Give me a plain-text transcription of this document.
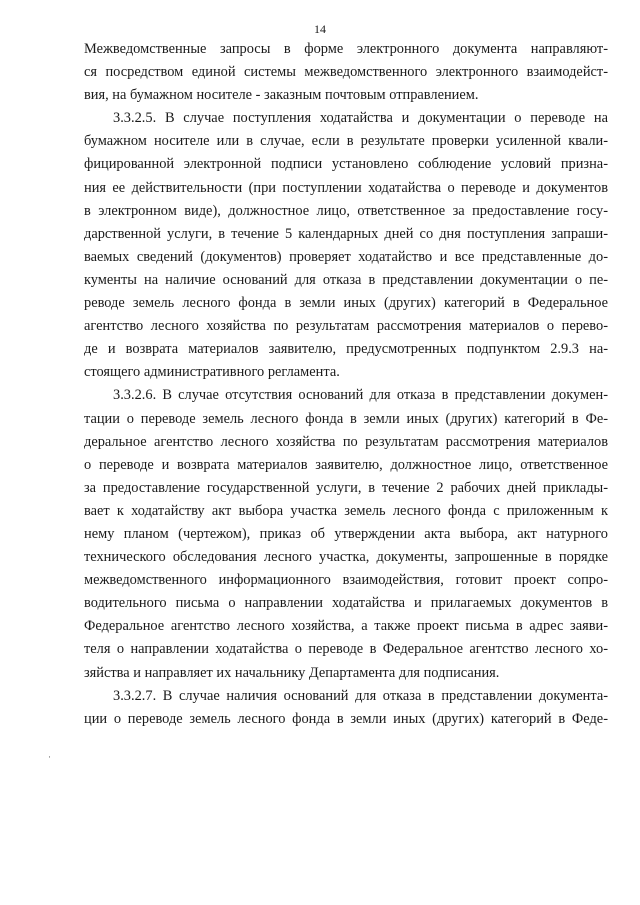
14
Межведомственные запросы в форме электронного документа направляют-
ся посредством единой системы межведомственного электронного взаимодейст-
вия, на бумажном носителе - заказным почтовым отправлением.
3.3.2.5. В случае поступления ходатайства и документации о переводе на
бумажном носителе или в случае, если в результате проверки усиленной квали-
фицированной электронной подписи установлено соблюдение условий призна-
ния ее действительности (при поступлении ходатайства о переводе и документов
в электронном виде), должностное лицо, ответственное за предоставление госу-
дарственной услуги, в течение 5 календарных дней со дня поступления запраши-
ваемых сведений (документов) проверяет ходатайство и все представленные до-
кументы на наличие оснований для отказа в представлении документации о пе-
реводе земель лесного фонда в земли иных (других) категорий в Федеральное
агентство лесного хозяйства по результатам рассмотрения материалов о перево-
де и возврата материалов заявителю, предусмотренных подпунктом 2.9.3 на-
стоящего административного регламента.
3.3.2.6. В случае отсутствия оснований для отказа в представлении докумен-
тации о переводе земель лесного фонда в земли иных (других) категорий в Фе-
деральное агентство лесного хозяйства по результатам рассмотрения материалов
о переводе и возврата материалов заявителю, должностное лицо, ответственное
за предоставление государственной услуги, в течение 2 рабочих дней приклады-
вает к ходатайству акт выбора участка земель лесного фонда с приложенным к
нему планом (чертежом), приказ об утверждении акта выбора, акт натурного
технического обследования лесного участка, документы, запрошенные в порядке
межведомственного информационного взаимодействия, готовит проект сопро-
водительного письма о направлении ходатайства и прилагаемых документов в
Федеральное агентство лесного хозяйства, а также проект письма в адрес заяви-
теля о направлении ходатайства о переводе в Федеральное агентство лесного хо-
зяйства и направляет их начальнику Департамента для подписания.
3.3.2.7. В случае наличия оснований для отказа в представлении документа-
ции о переводе земель лесного фонда в земли иных (других) категорий в Феде-
·
